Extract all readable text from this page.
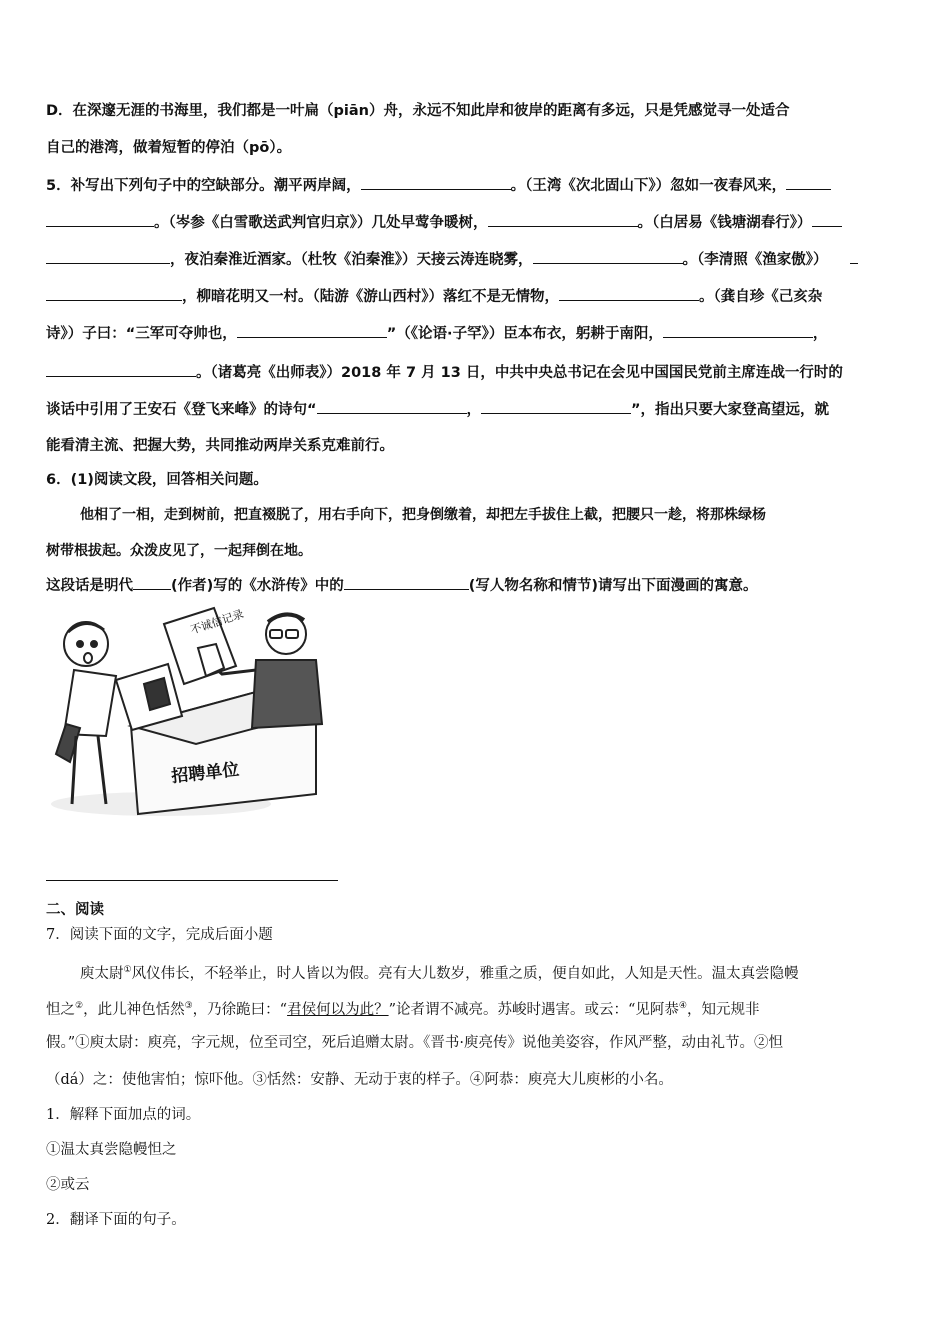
D．在深邃无涯的书海里，我们都是一叶扁（piān）舟，永远不知此岸和彼岸的距离有多远，只是凭感觉寻一处适合
自己的港湾，做着短暂的停泊（pō）。
5．补写出下列句子中的空缺部分。潮平两岸阔，	。（王湾《次北固山下》）忽如一夜春风来，
。（岑参《白雪歌送武判官归京》）几处早莺争暖树，	。（白居易《钱塘湖春行》）
，夜泊秦淮近酒家。（杜牧《泊秦淮》）天接云涛连晓雾，	。（李清照《渔家傲》）
，柳暗花明又一村。（陆游《游山西村》）落红不是无情物，	。（龚自珍《己亥杂
诗》）子曰：“三军可夺帅也，	”（《论语·子罕》）臣本布衣，躬耕于南阳，	，
。（诸葛亮《出师表》）2018 年 7 月 13 日，中共中央总书记在会见中国国民党前主席连战一行时的
谈话中引用了王安石《登飞来峰》的诗句“	，	”，指出只要大家登高望远，就
能看清主流、把握大势，共同推动两岸关系克难前行。
6．(1)阅读文段，回答相关问题。
他相了一相，走到树前，把直裰脱了，用右手向下，把身倒缴着，却把左手拔住上截，把腰只一趁，将那株绿杨
树带根拔起。众泼皮见了，一起拜倒在地。
这段话是明代	(作者)写的《水浒传》中的	(写人物名称和情节)请写出下面漫画的寓意。
不诚信记录
招聘单位
二、阅读
7．阅读下面的文字，完成后面小题
庾太尉①风仪伟长，不轻举止，时人皆以为假。亮有大儿数岁，雅重之质，便自如此，人知是天性。温太真尝隐幔
怛之②，此儿神色恬然③，乃徐跪曰：“君侯何以为此？”论者谓不减亮。苏峻时遇害。或云：“见阿恭④，知元规非
假。”①庾太尉：庾亮，字元规，位至司空，死后追赠太尉。《晋书·庾亮传》说他美姿容，作风严整，动由礼节。②怛
（dá）之：使他害怕；惊吓他。③恬然：安静、无动于衷的样子。④阿恭：庾亮大儿庾彬的小名。
1．解释下面加点的词。
①温太真尝隐幔怛之
②或云
2．翻译下面的句子。
